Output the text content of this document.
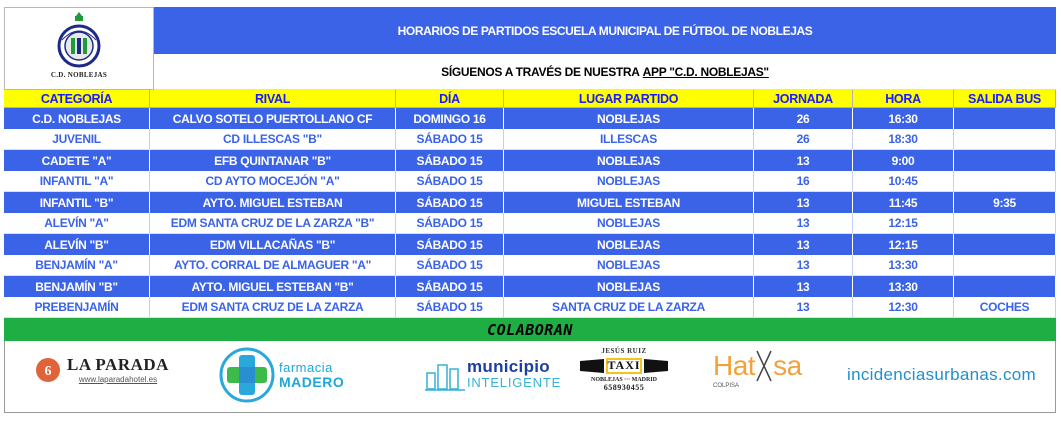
C.D. NOBLEJAS
HORARIOS DE PARTIDOS ESCUELA MUNICIPAL DE FÚTBOL DE NOBLEJAS
SÍGUENOS A TRAVÉS DE NUESTRA APP "C.D. NOBLEJAS"
CATEGORÍA	RIVAL	DÍA	LUGAR PARTIDO	JORNADA	HORA	SALIDA BUS
C.D. NOBLEJAS	CALVO SOTELO PUERTOLLANO CF	DOMINGO 16	NOBLEJAS	26	16:30
JUVENIL	CD ILLESCAS "B"	SÁBADO 15	ILLESCAS	26	18:30
CADETE "A"	EFB QUINTANAR "B"	SÁBADO 15	NOBLEJAS	13	9:00
INFANTIL "A"	CD AYTO MOCEJÓN "A"	SÁBADO 15	NOBLEJAS	16	10:45
INFANTIL "B"	AYTO. MIGUEL ESTEBAN	SÁBADO 15	MIGUEL ESTEBAN	13	11:45	9:35
ALEVÍN "A"	EDM SANTA CRUZ DE LA ZARZA "B"	SÁBADO 15	NOBLEJAS	13	12:15
ALEVÍN "B"	EDM VILLACAÑAS "B"	SÁBADO 15	NOBLEJAS	13	12:15
BENJAMÍN "A"	AYTO. CORRAL DE ALMAGUER "A"	SÁBADO 15	NOBLEJAS	13	13:30
BENJAMÍN "B"	AYTO. MIGUEL ESTEBAN "B"	SÁBADO 15	NOBLEJAS	13	13:30
PREBENJAMÍN	EDM SANTA CRUZ DE LA ZARZA	SÁBADO 15	SANTA CRUZ DE LA ZARZA	13	12:30	COCHES
COLABORAN
6 LA PARADA
www.laparadahotel.es
farmacia
MADERO
municipio
INTELIGENTE
JESÚS RUIZ
TAXI
NOBLEJAS ··· MADRID
658930455
Hat sa
COLPISA
incidenciasurbanas.com
